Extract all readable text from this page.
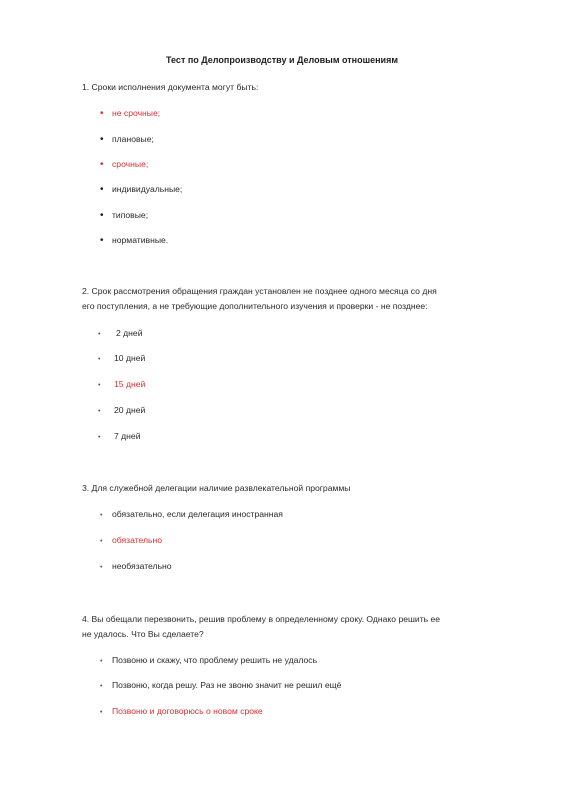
Тест по Делопроизводству и Деловым отношениям
1. Сроки исполнения документа могут быть:
• не срочные;
• плановые;
• срочные;
• индивидуальные;
• типовые;
• нормативные.
2. Срок рассмотрения обращения граждан установлен не позднее одного месяца со дня
его поступления, а не требующие дополнительного изучения и проверки - не позднее:
• 2 дней
• 10 дней
• 15 дней
• 20 дней
• 7 дней
3. Для служебной делегации наличие развлекательной программы
• обязательно, если делегация иностранная
• обязательно
• необязательно
4. Вы обещали перезвонить, решив проблему в определенному сроку. Однако решить ее
не удалось. Что Вы сделаете?
• Позвоню и скажу, что проблему решить не удалось
• Позвоню, когда решу. Раз не звоню значит не решил ещё
• Позвоню и договорюсь о новом сроке
